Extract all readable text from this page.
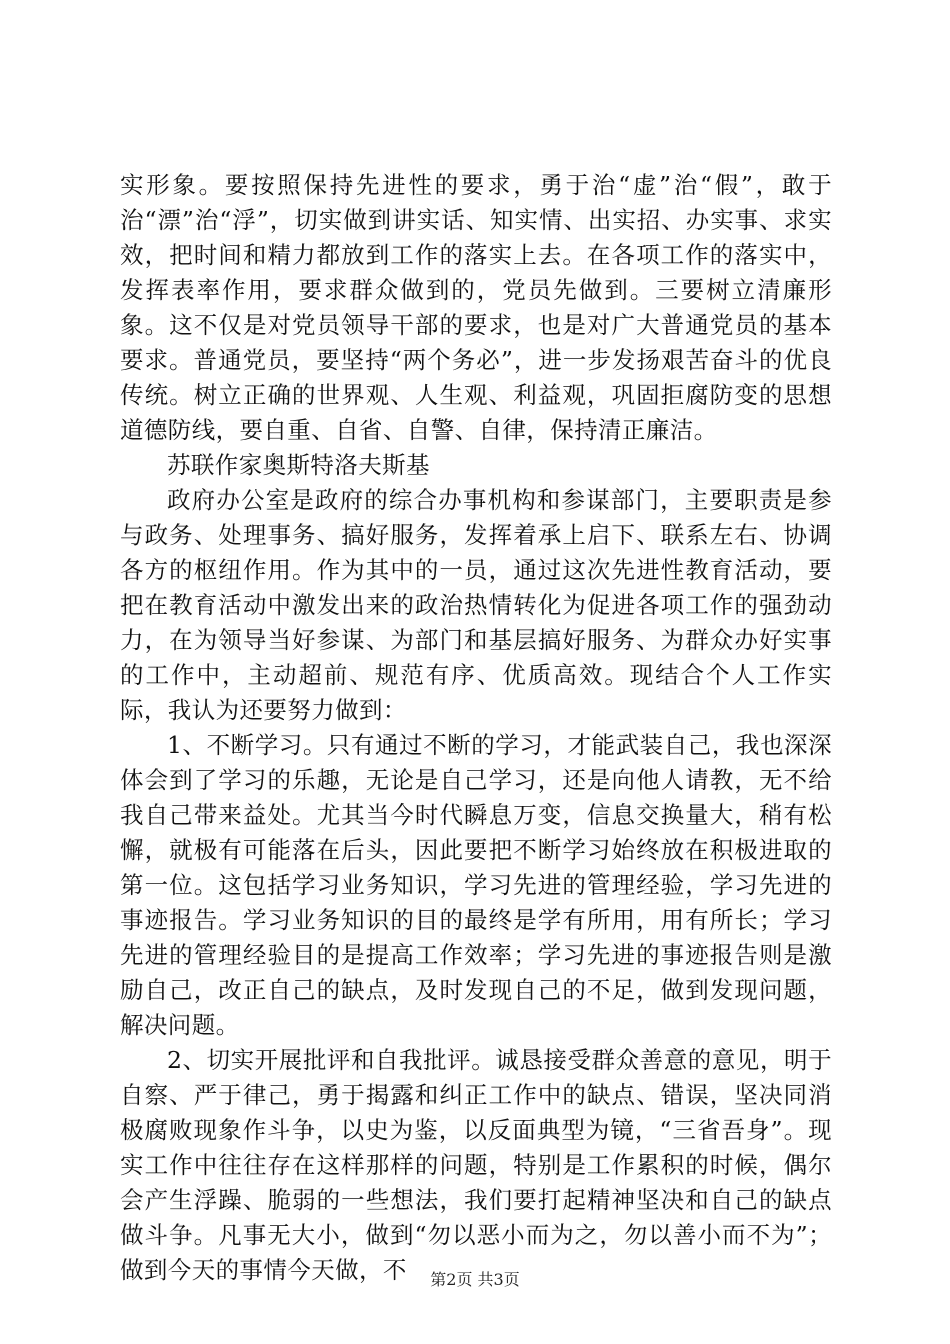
实形象。要按照保持先进性的要求，勇于治“虚”治“假”，敢于治“漂”治“浮”，切实做到讲实话、知实情、出实招、办实事、求实效，把时间和精力都放到工作的落实上去。在各项工作的落实中，发挥表率作用，要求群众做到的，党员先做到。三要树立清廉形象。这不仅是对党员领导干部的要求，也是对广大普通党员的基本要求。普通党员，要坚持“两个务必”，进一步发扬艰苦奋斗的优良传统。树立正确的世界观、人生观、利益观，巩固拒腐防变的思想道德防线，要自重、自省、自警、自律，保持清正廉洁。

苏联作家奥斯特洛夫斯基

政府办公室是政府的综合办事机构和参谋部门，主要职责是参与政务、处理事务、搞好服务，发挥着承上启下、联系左右、协调各方的枢纽作用。作为其中的一员，通过这次先进性教育活动，要把在教育活动中激发出来的政治热情转化为促进各项工作的强劲动力，在为领导当好参谋、为部门和基层搞好服务、为群众办好实事的工作中，主动超前、规范有序、优质高效。现结合个人工作实际，我认为还要努力做到：

1、不断学习。只有通过不断的学习，才能武装自己，我也深深体会到了学习的乐趣，无论是自己学习，还是向他人请教，无不给我自己带来益处。尤其当今时代瞬息万变，信息交换量大，稍有松懈，就极有可能落在后头，因此要把不断学习始终放在积极进取的第一位。这包括学习业务知识，学习先进的管理经验，学习先进的事迹报告。学习业务知识的目的最终是学有所用，用有所长；学习先进的管理经验目的是提高工作效率；学习先进的事迹报告则是激励自己，改正自己的缺点，及时发现自己的不足，做到发现问题，解决问题。

2、切实开展批评和自我批评。诚恳接受群众善意的意见，明于自察、严于律己，勇于揭露和纠正工作中的缺点、错误，坚决同消极腐败现象作斗争，以史为鉴，以反面典型为镜，“三省吾身”。现实工作中往往存在这样那样的问题，特别是工作累积的时候，偶尔会产生浮躁、脆弱的一些想法，我们要打起精神坚决和自己的缺点做斗争。凡事无大小，做到“勿以恶小而为之，勿以善小而不为”；做到今天的事情今天做，不	第2页 共3页
